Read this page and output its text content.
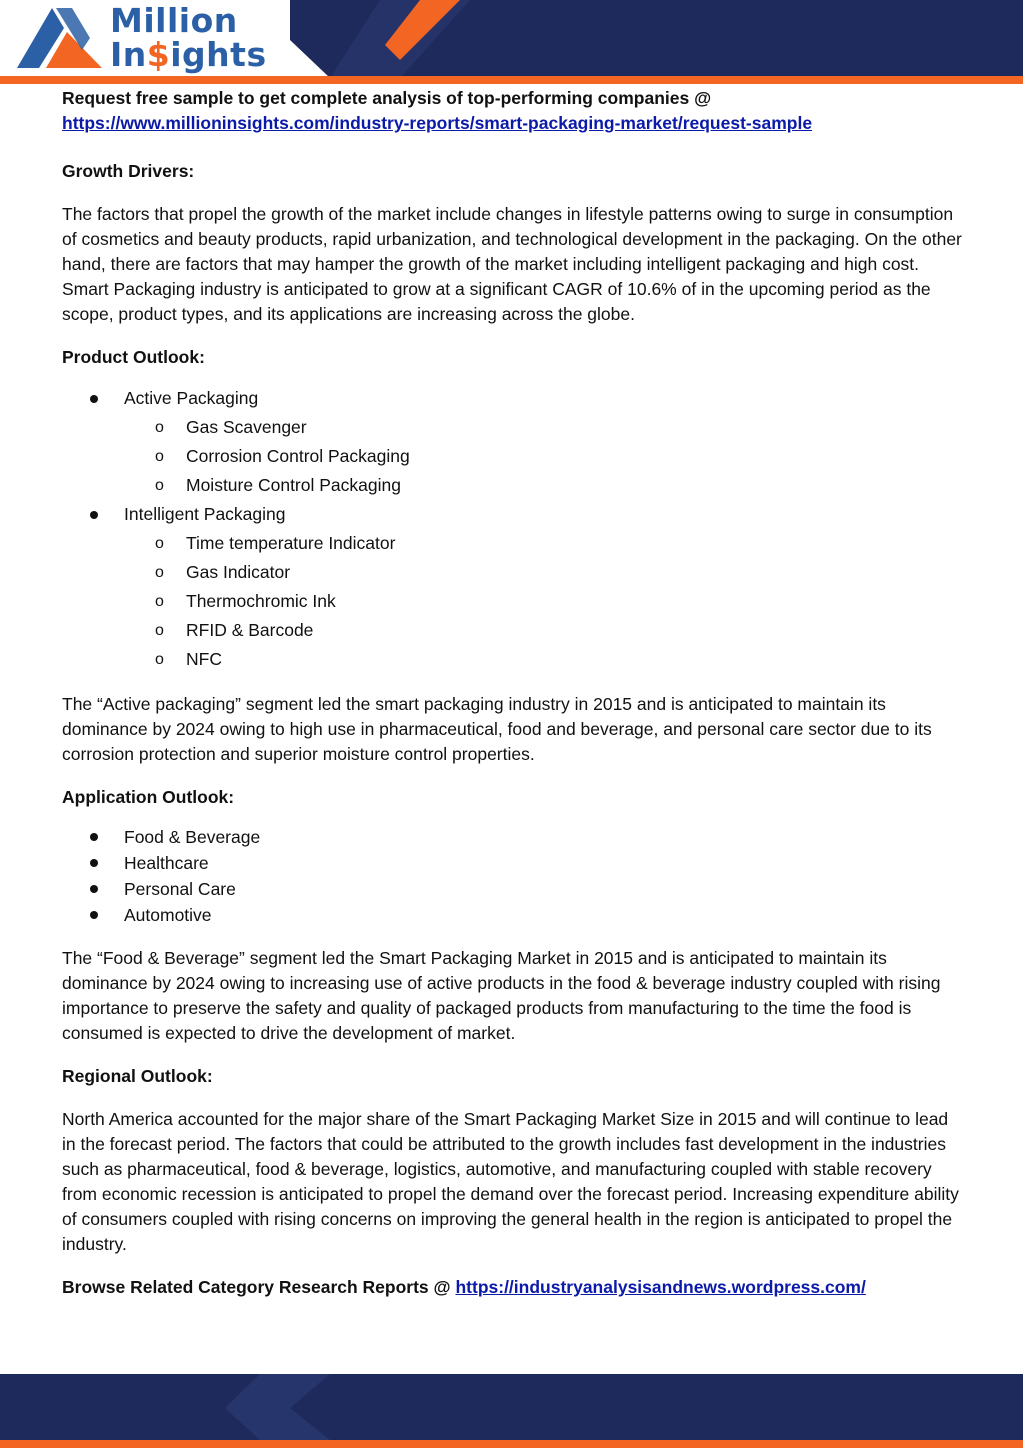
Million
In$ights

Request free sample to get complete analysis of top-performing companies @

https://www.millioninsights.com/industry-reports/smart-packaging-market/request-sample

Growth Drivers:

The factors that propel the growth of the market include changes in lifestyle patterns owing to surge in consumption of cosmetics and beauty products, rapid urbanization, and technological development in the packaging. On the other hand, there are factors that may hamper the growth of the market including intelligent packaging and high cost. Smart Packaging industry is anticipated to grow at a significant CAGR of 10.6% of in the upcoming period as the scope, product types, and its applications are increasing across the globe.

Product Outlook:

Active Packaging
o Gas Scavenger
o Corrosion Control Packaging
o Moisture Control Packaging
Intelligent Packaging
o Time temperature Indicator
o Gas Indicator
o Thermochromic Ink
o RFID & Barcode
o NFC

The “Active packaging” segment led the smart packaging industry in 2015 and is anticipated to maintain its dominance by 2024 owing to high use in pharmaceutical, food and beverage, and personal care sector due to its corrosion protection and superior moisture control properties.

Application Outlook:

Food & Beverage
Healthcare
Personal Care
Automotive

The “Food & Beverage” segment led the Smart Packaging Market in 2015 and is anticipated to maintain its dominance by 2024 owing to increasing use of active products in the food & beverage industry coupled with rising importance to preserve the safety and quality of packaged products from manufacturing to the time the food is consumed is expected to drive the development of market.

Regional Outlook:

North America accounted for the major share of the Smart Packaging Market Size in 2015 and will continue to lead in the forecast period. The factors that could be attributed to the growth includes fast development in the industries such as pharmaceutical, food & beverage, logistics, automotive, and manufacturing coupled with stable recovery from economic recession is anticipated to propel the demand over the forecast period. Increasing expenditure ability of consumers coupled with rising concerns on improving the general health in the region is anticipated to propel the industry.

Browse Related Category Research Reports @ https://industryanalysisandnews.wordpress.com/
